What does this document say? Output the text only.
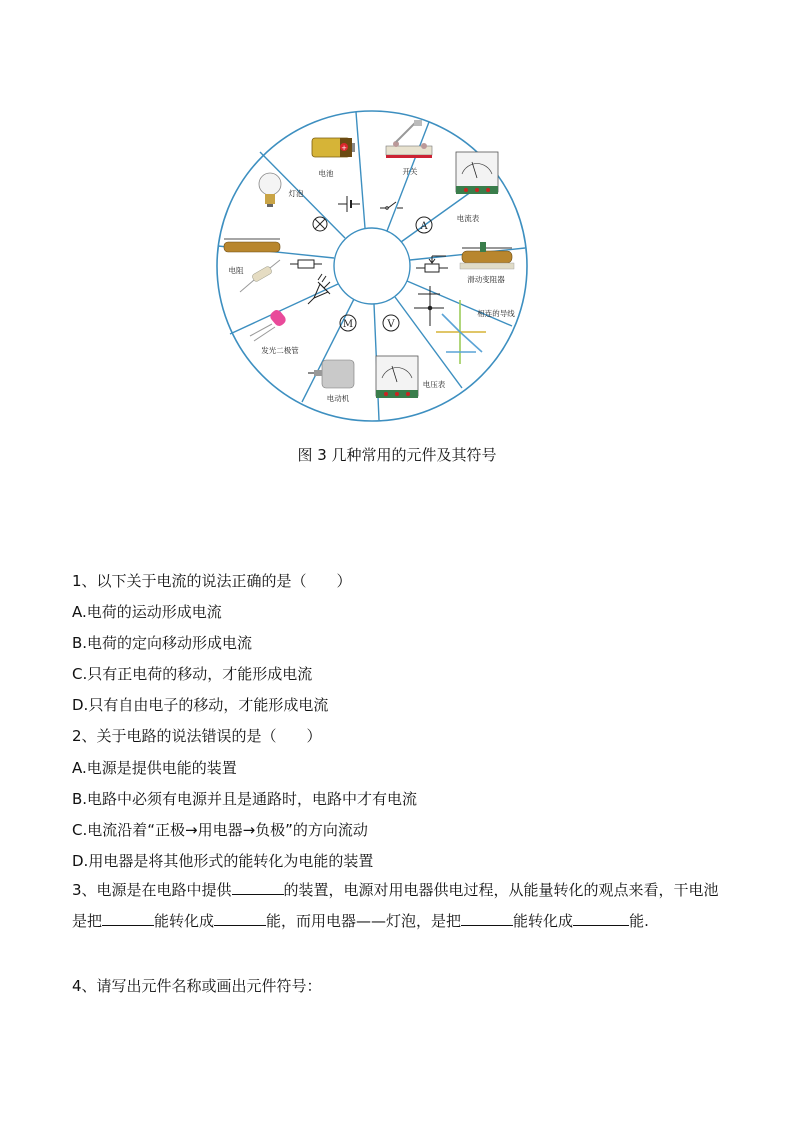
+
电池	开关
电流表
A
滑动变阻器
相连的导线
电压表
V
电动机
M
发光二极管
电阻
灯泡
图 3 几种常用的元件及其符号
1、以下关于电流的说法正确的是（　　）
A.电荷的运动形成电流
B.电荷的定向移动形成电流
C.只有正电荷的移动，才能形成电流
D.只有自由电子的移动，才能形成电流
2、关于电路的说法错误的是（　　）
A.电源是提供电能的装置
B.电路中必须有电源并且是通路时，电路中才有电流
C.电流沿着“正极→用电器→负极”的方向流动
D.用电器是将其他形式的能转化为电能的装置
3、电源是在电路中提供	的装置，电源对用电器供电过程，从能量转化的观点来看，干电池是把	能转化成	能，而用电器——灯泡，是把	能转化成	能.
4、请写出元件名称或画出元件符号：
